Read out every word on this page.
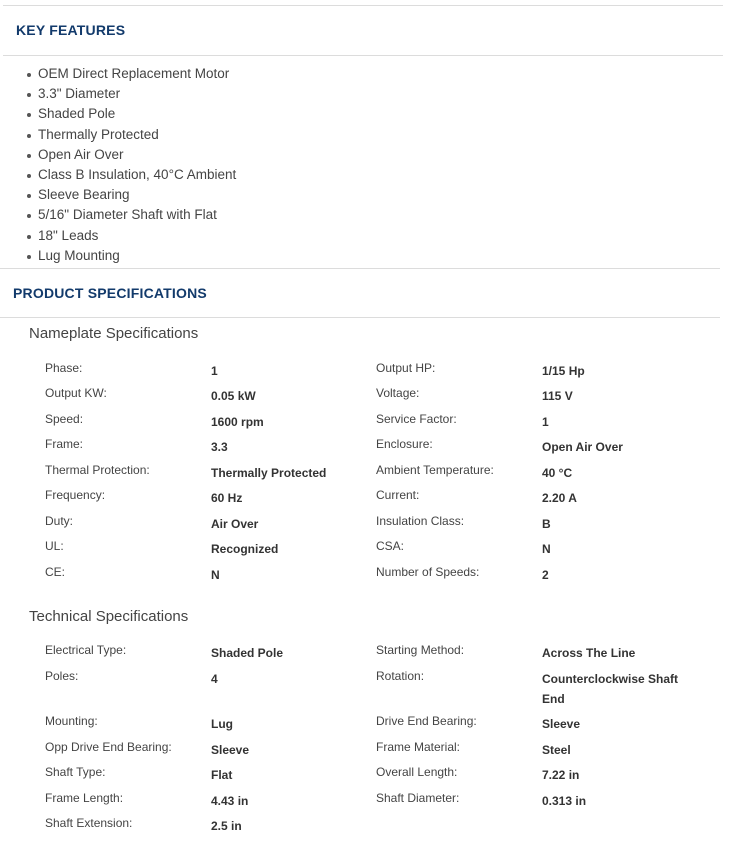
KEY FEATURES
OEM Direct Replacement Motor
3.3" Diameter
Shaded Pole
Thermally Protected
Open Air Over
Class B Insulation, 40°C Ambient
Sleeve Bearing
5/16" Diameter Shaft with Flat
18" Leads
Lug Mounting
PRODUCT SPECIFICATIONS
Nameplate Specifications
Phase:	1	Output HP:	1/15 Hp
Output KW:	0.05 kW	Voltage:	115 V
Speed:	1600 rpm	Service Factor:	1
Frame:	3.3	Enclosure:	Open Air Over
Thermal Protection:	Thermally Protected	Ambient Temperature:	40 °C
Frequency:	60 Hz	Current:	2.20 A
Duty:	Air Over	Insulation Class:	B
UL:	Recognized	CSA:	N
CE:	N	Number of Speeds:	2
Technical Specifications
Electrical Type:	Shaded Pole	Starting Method:	Across The Line
Poles:	4	Rotation:	Counterclockwise Shaft End
Mounting:	Lug	Drive End Bearing:	Sleeve
Opp Drive End Bearing:	Sleeve	Frame Material:	Steel
Shaft Type:	Flat	Overall Length:	7.22 in
Frame Length:	4.43 in	Shaft Diameter:	0.313 in
Shaft Extension:	2.5 in
